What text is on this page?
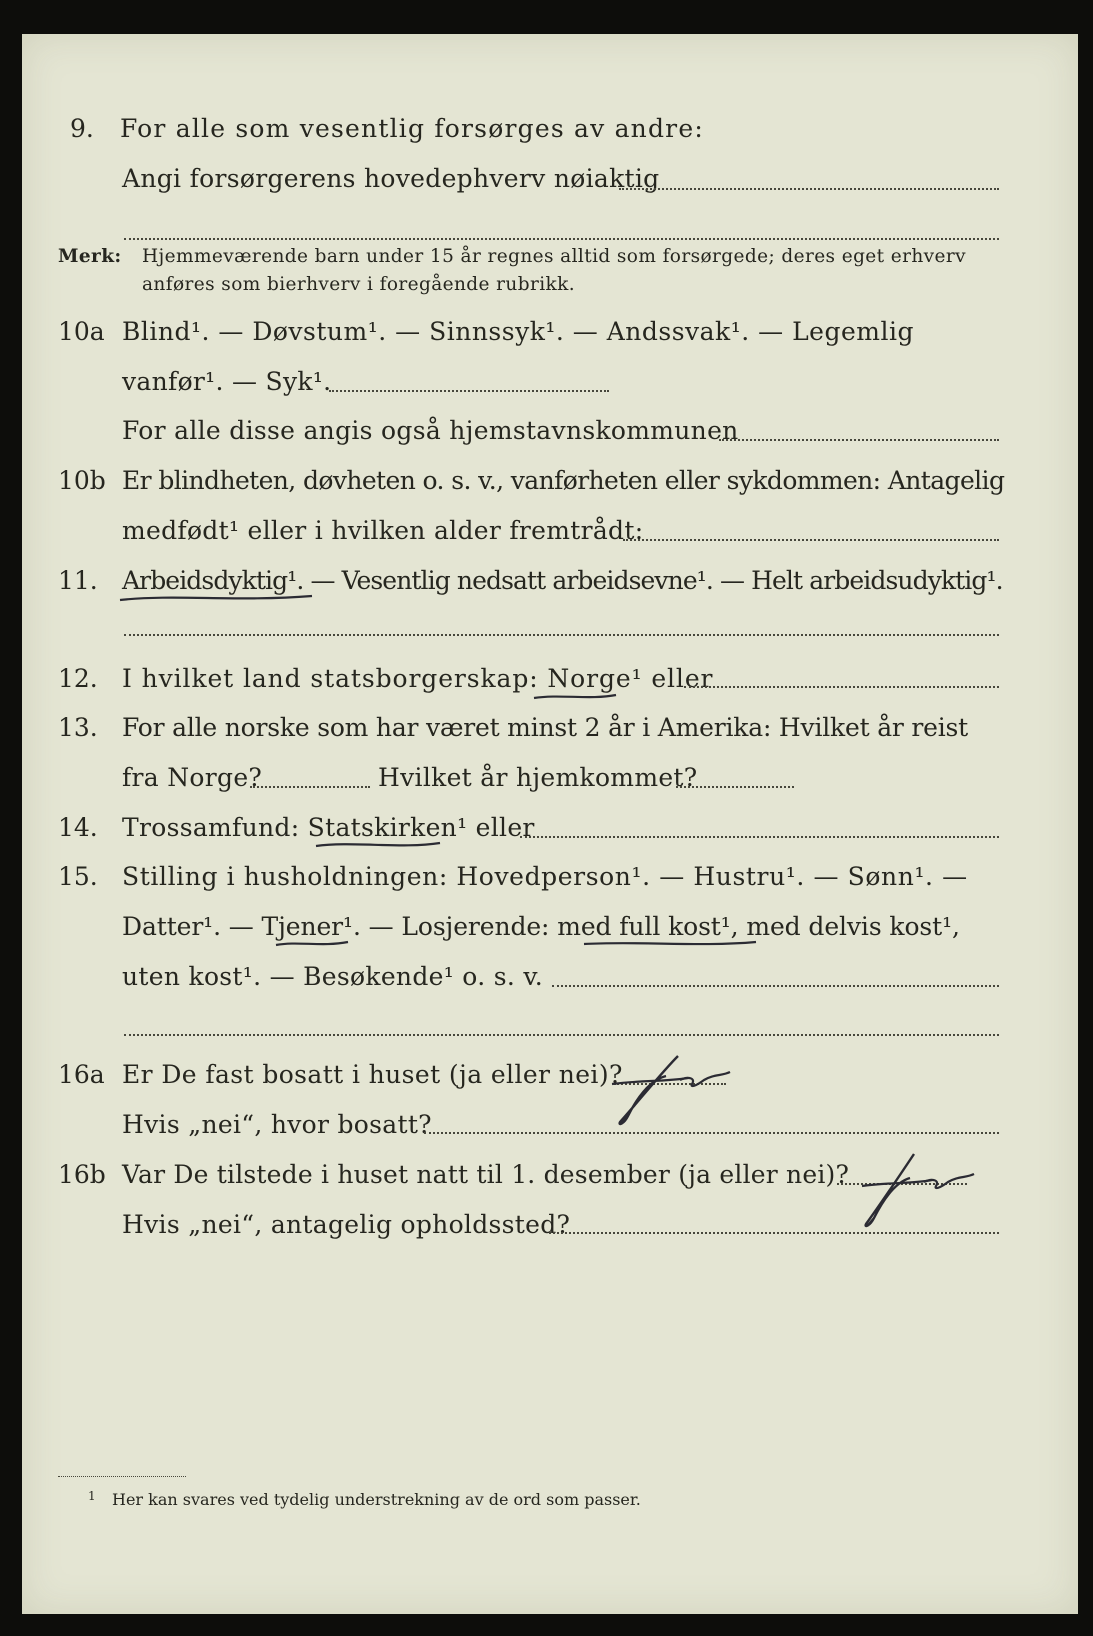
9. For alle som vesentlig forsørges av andre:
Angi forsørgerens hovedерhverv nøiaktig
Merk: Hjemmeværende barn under 15 år regnes alltid som forsørgede; deres eget erhverv
anføres som bierhverv i foregående rubrikk.
10a Blind¹. — Døvstum¹. — Sinnssyk¹. — Andssvak¹. — Legemlig
vanfør¹. — Syk¹.
For alle disse angis også hjemstavnskommunen
10b Er blindheten, døvheten o. s. v., vanførheten eller sykdommen: Antagelig
medfødt¹ eller i hvilken alder fremtrådt:
11. Arbeidsdyktig¹. — Vesentlig nedsatt arbeidsevne¹. — Helt arbeidsudyktig¹.
12. I hvilket land statsborgerskap: Norge¹ eller
13. For alle norske som har været minst 2 år i Amerika: Hvilket år reist
fra Norge?	Hvilket år hjemkommet?
14. Trossamfund: Statskirken¹ eller
15. Stilling i husholdningen: Hovedperson¹. — Hustru¹. — Sønn¹. —
Datter¹. — Tjener¹. — Losjerende: med full kost¹, med delvis kost¹,
uten kost¹. — Besøkende¹ o. s. v.
16a Er De fast bosatt i huset (ja eller nei)?
Hvis „nei“, hvor bosatt?
16b Var De tilstede i huset natt til 1. desember (ja eller nei)?
Hvis „nei“, antagelig opholdssted?
1 Her kan svares ved tydelig understrekning av de ord som passer.
